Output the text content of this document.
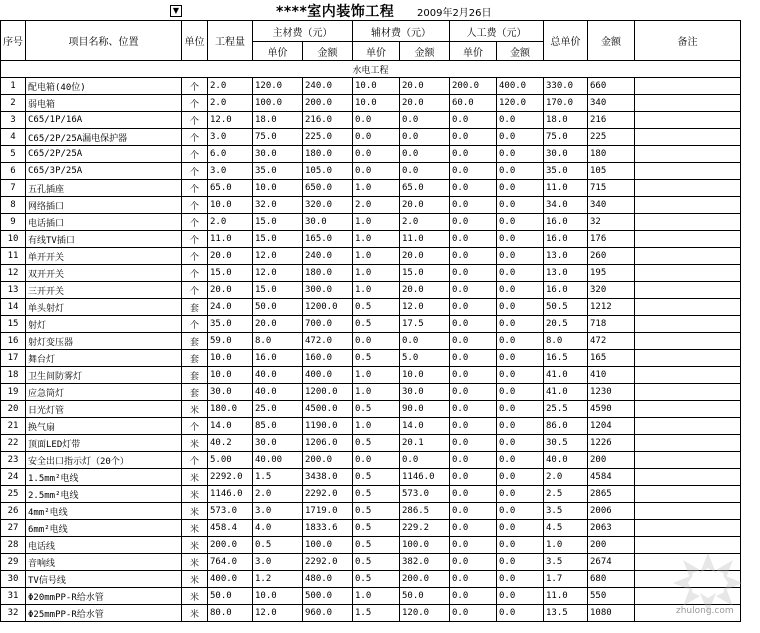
▼	****室内装饰工程 2009年2月26日
序号	项目名称、位置	单位	工程量	主材费（元）		辅材费（元）		人工费（元）		总单价	金额	备注
				单价	金额	单价	金额	单价	金额			
水电工程												
1	配电箱(40位)	个	2.0	120.0	240.0	10.0	20.0	200.0	400.0	330.0	660	
2	弱电箱	个	2.0	100.0	200.0	10.0	20.0	60.0	120.0	170.0	340	
3	C65/1P/16A	个	12.0	18.0	216.0	0.0	0.0	0.0	0.0	18.0	216	
4	C65/2P/25A漏电保护器	个	3.0	75.0	225.0	0.0	0.0	0.0	0.0	75.0	225	
5	C65/2P/25A	个	6.0	30.0	180.0	0.0	0.0	0.0	0.0	30.0	180	
6	C65/3P/25A	个	3.0	35.0	105.0	0.0	0.0	0.0	0.0	35.0	105	
7	五孔插座	个	65.0	10.0	650.0	1.0	65.0	0.0	0.0	11.0	715	
8	网络插口	个	10.0	32.0	320.0	2.0	20.0	0.0	0.0	34.0	340	
9	电话插口	个	2.0	15.0	30.0	1.0	2.0	0.0	0.0	16.0	32	
10	有线TV插口	个	11.0	15.0	165.0	1.0	11.0	0.0	0.0	16.0	176	
11	单开开关	个	20.0	12.0	240.0	1.0	20.0	0.0	0.0	13.0	260	
12	双开开关	个	15.0	12.0	180.0	1.0	15.0	0.0	0.0	13.0	195	
13	三开开关	个	20.0	15.0	300.0	1.0	20.0	0.0	0.0	16.0	320	
14	单头射灯	套	24.0	50.0	1200.0	0.5	12.0	0.0	0.0	50.5	1212	
15	射灯	个	35.0	20.0	700.0	0.5	17.5	0.0	0.0	20.5	718	
16	射灯变压器	套	59.0	8.0	472.0	0.0	0.0	0.0	0.0	8.0	472	
17	舞台灯	套	10.0	16.0	160.0	0.5	5.0	0.0	0.0	16.5	165	
18	卫生间防雾灯	套	10.0	40.0	400.0	1.0	10.0	0.0	0.0	41.0	410	
19	应急筒灯	套	30.0	40.0	1200.0	1.0	30.0	0.0	0.0	41.0	1230	
20	日光灯管	米	180.0	25.0	4500.0	0.5	90.0	0.0	0.0	25.5	4590	
21	换气扇	个	14.0	85.0	1190.0	1.0	14.0	0.0	0.0	86.0	1204	
22	顶面LED灯带	米	40.2	30.0	1206.0	0.5	20.1	0.0	0.0	30.5	1226	
23	安全出口指示灯（20个）	个	5.00	40.00	200.0	0.0	0.0	0.0	0.0	40.0	200	
24	1.5mm²电线	米	2292.0	1.5	3438.0	0.5	1146.0	0.0	0.0	2.0	4584	
25	2.5mm²电线	米	1146.0	2.0	2292.0	0.5	573.0	0.0	0.0	2.5	2865	
26	4mm²电线	米	573.0	3.0	1719.0	0.5	286.5	0.0	0.0	3.5	2006	
27	6mm²电线	米	458.4	4.0	1833.6	0.5	229.2	0.0	0.0	4.5	2063	
28	电话线	米	200.0	0.5	100.0	0.5	100.0	0.0	0.0	1.0	200	
29	音响线	米	764.0	3.0	2292.0	0.5	382.0	0.0	0.0	3.5	2674	
30	TV信号线	米	400.0	1.2	480.0	0.5	200.0	0.0	0.0	1.7	680	
31	Φ20mmPP-R给水管	米	50.0	10.0	500.0	1.0	50.0	0.0	0.0	11.0	550	
32	Φ25mmPP-R给水管	米	80.0	12.0	960.0	1.5	120.0	0.0	0.0	13.5	1080		zhulong.com
